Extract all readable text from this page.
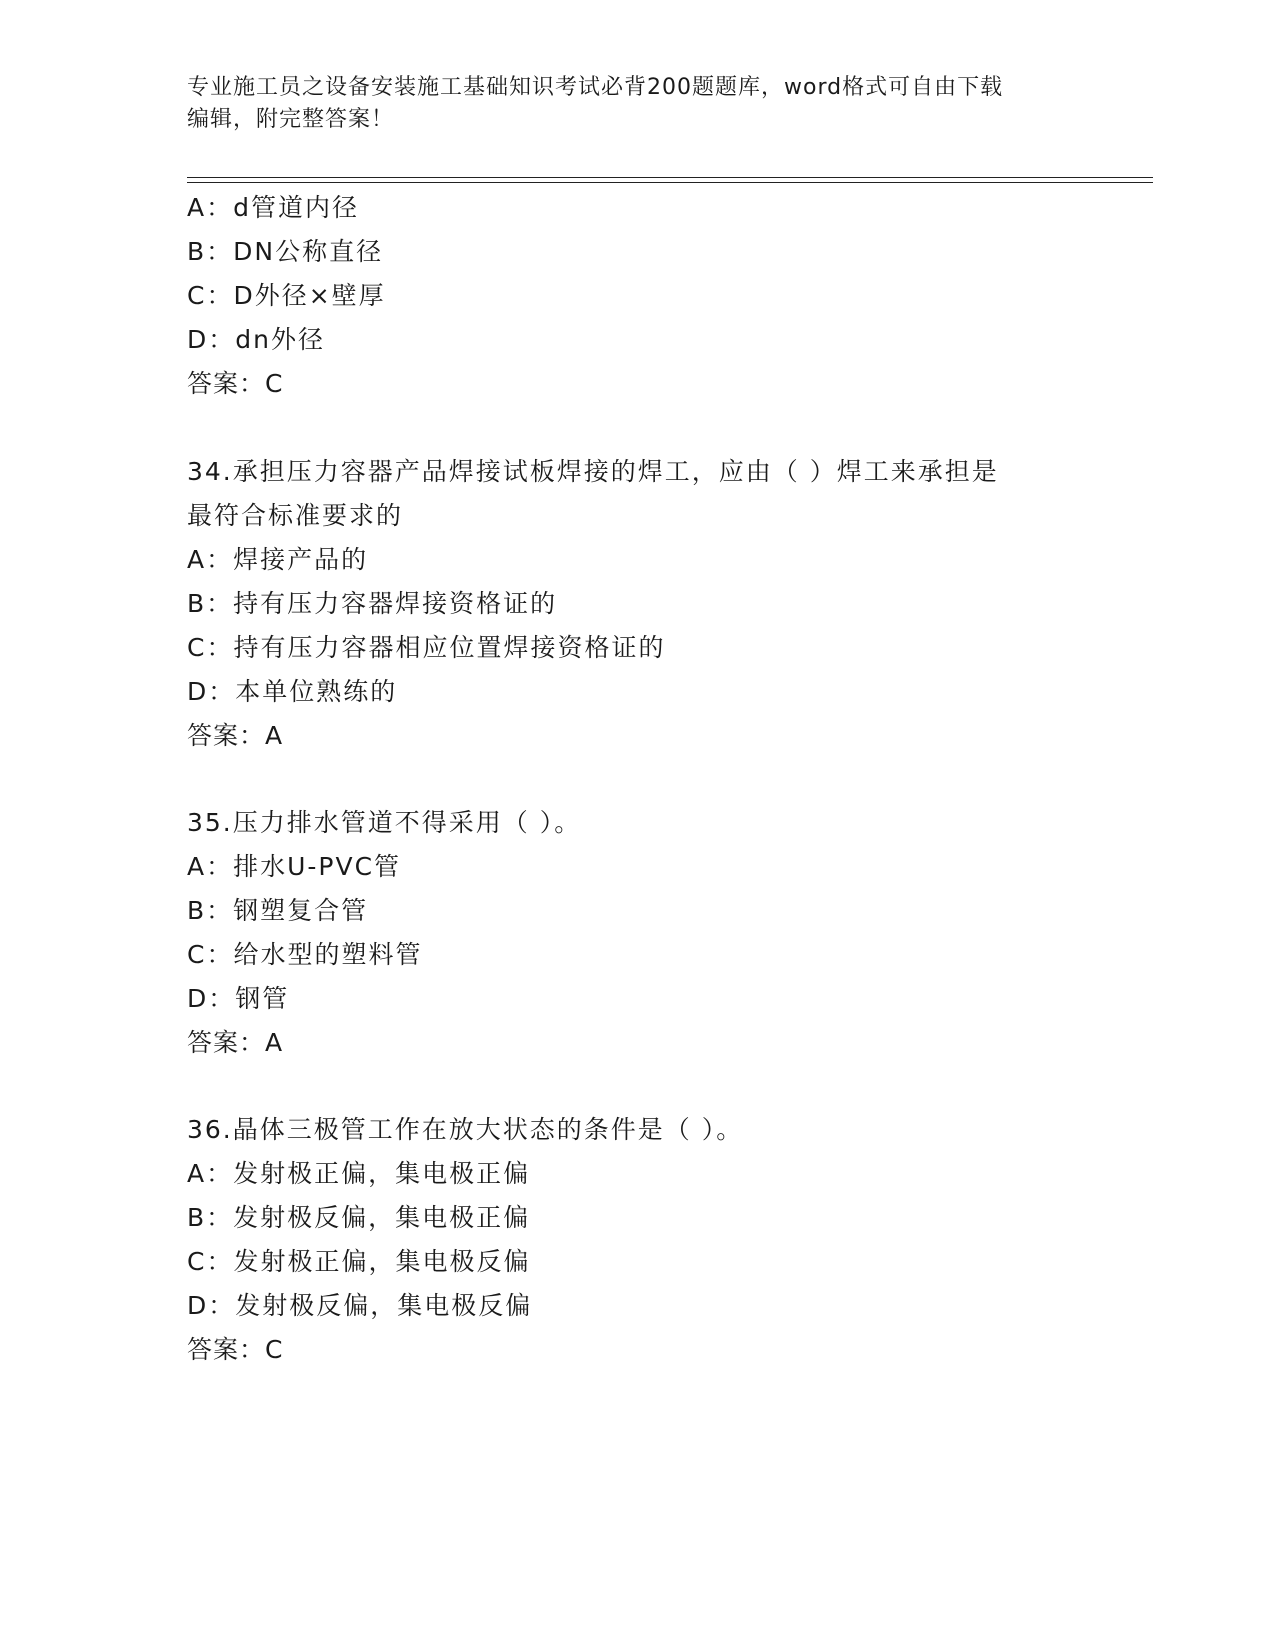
专业施工员之设备安装施工基础知识考试必背200题题库，word格式可自由下载
编辑，附完整答案！
A：d管道内径
B：DN公称直径
C：D外径×壁厚
D：dn外径
答案：C
34.承担压力容器产品焊接试板焊接的焊工，应由（ ）焊工来承担是
最符合标准要求的
A：焊接产品的
B：持有压力容器焊接资格证的
C：持有压力容器相应位置焊接资格证的
D：本单位熟练的
答案：A
35.压力排水管道不得采用（ ）。
A：排水U-PVC管
B：钢塑复合管
C：给水型的塑料管
D：钢管
答案：A
36.晶体三极管工作在放大状态的条件是（ ）。
A：发射极正偏，集电极正偏
B：发射极反偏，集电极正偏
C：发射极正偏，集电极反偏
D：发射极反偏，集电极反偏
答案：C
